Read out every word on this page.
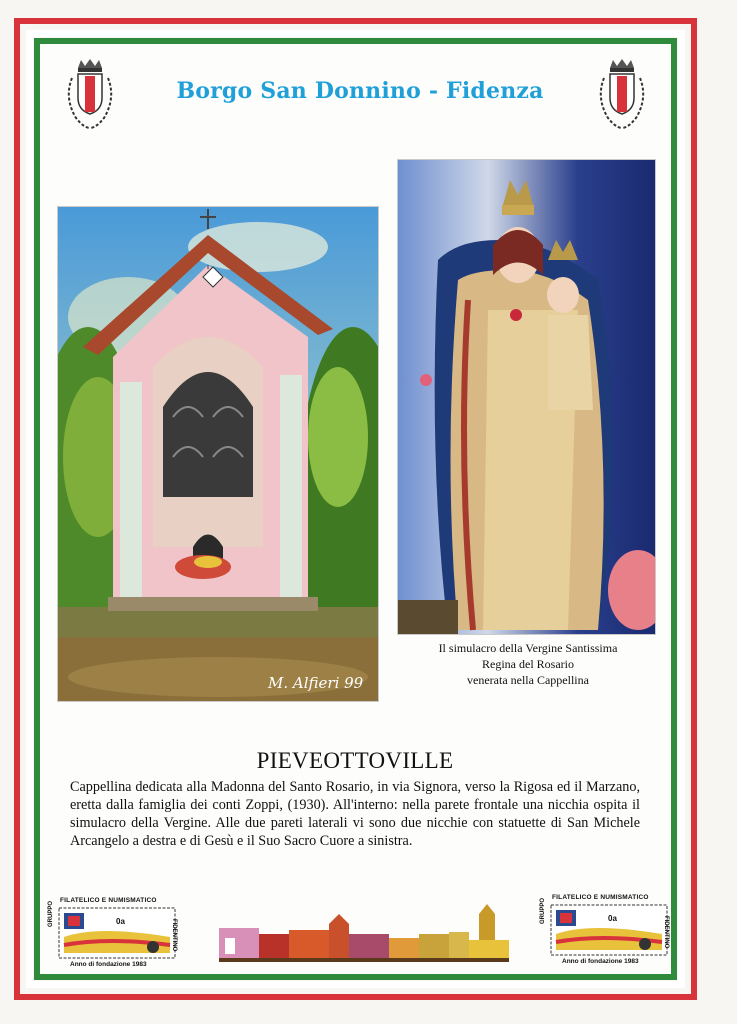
Borgo San Donnino - Fidenza
M. Alfieri 99
Il simulacro della Vergine Santissima
Regina del Rosario
venerata nella Cappellina
PIEVEOTTOVILLE
Cappellina dedicata alla Madonna del Santo Rosario, in via Signora, verso la Rigosa ed il Marzano, eretta dalla famiglia dei conti Zoppi, (1930). All'interno: nella parete frontale una nicchia ospita il simulacro della Vergine. Alle due pareti laterali vi sono due nicchie con statuette di San Michele Arcangelo a destra e di Gesù e il Suo Sacro Cuore a sinistra.
FILATELICO E NUMISMATICO
0a
GRUPPO
FIDENTINO
Anno di fondazione 1983
FILATELICO E NUMISMATICO
0a
GRUPPO
FIDENTINO
Anno di fondazione 1983
